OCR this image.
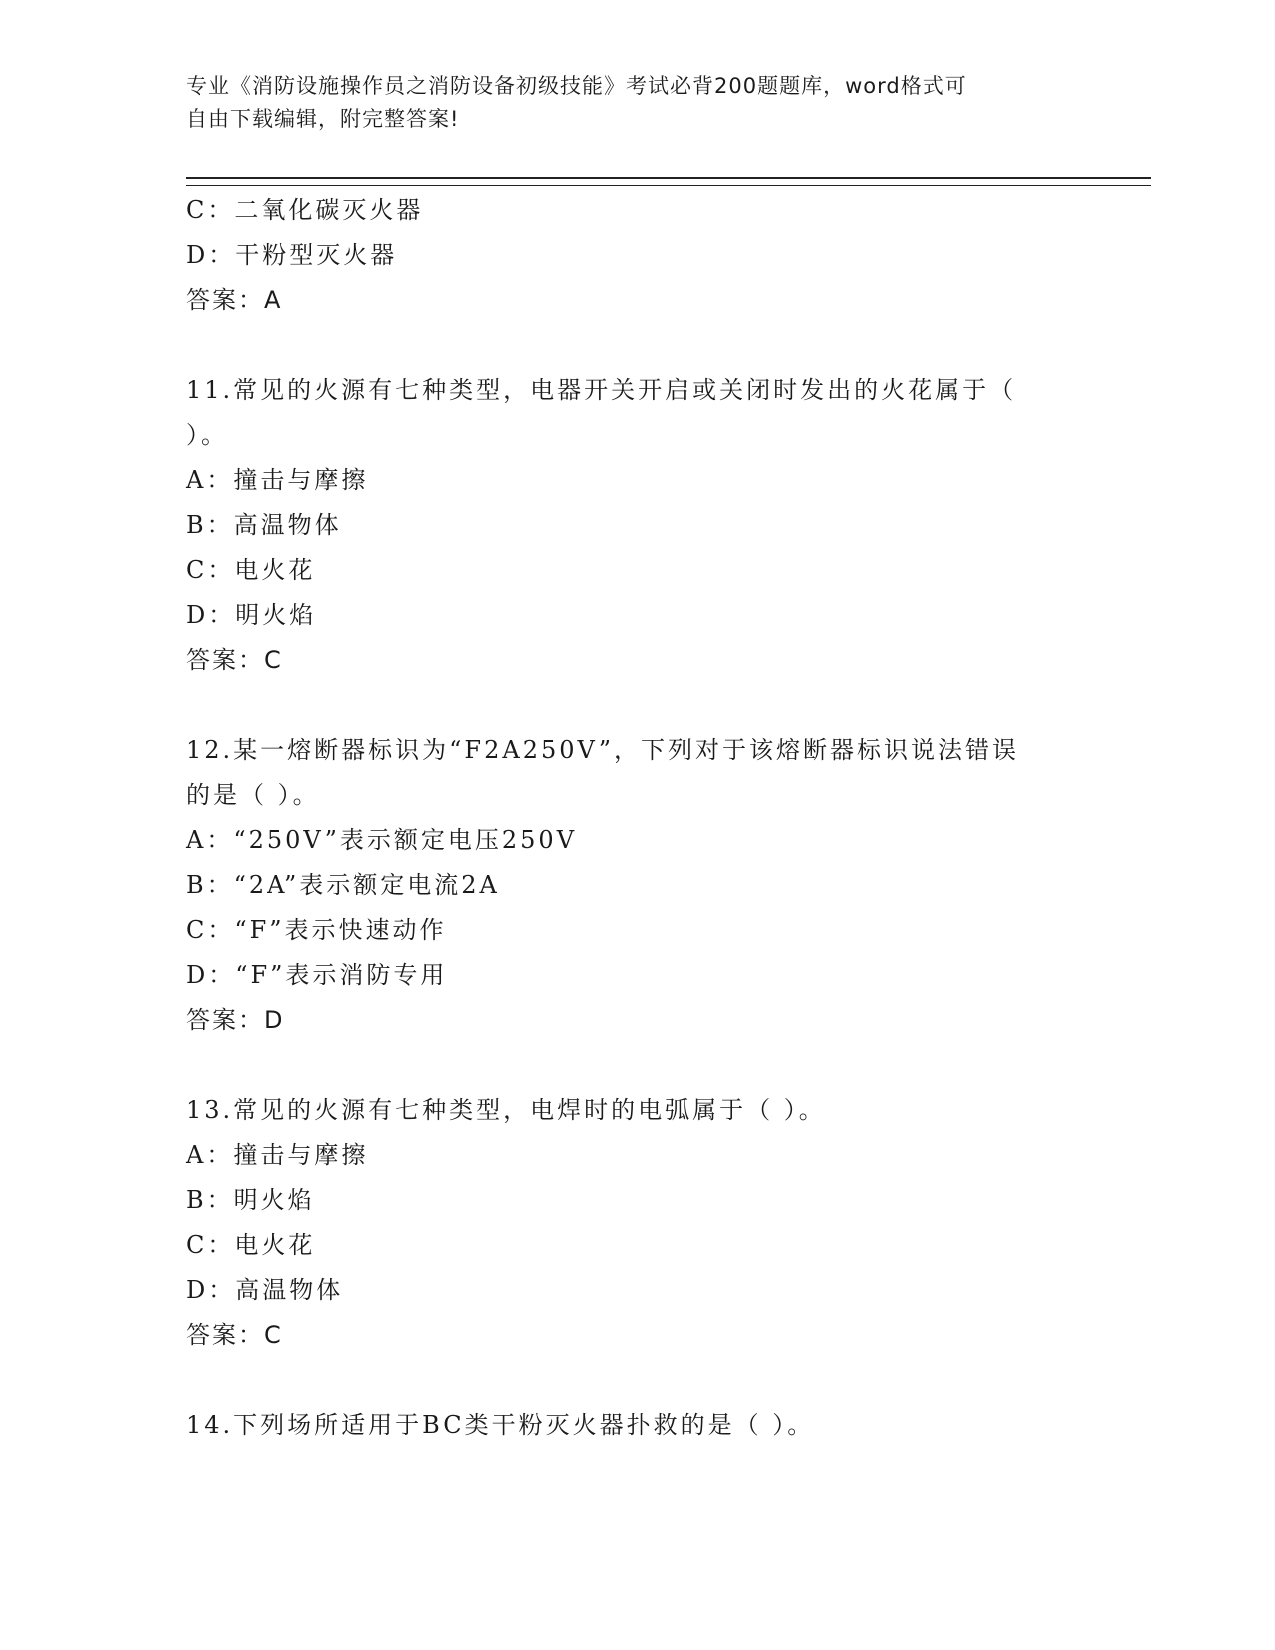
专业《消防设施操作员之消防设备初级技能》考试必背200题题库，word格式可
自由下载编辑，附完整答案!
C：二氧化碳灭火器
D：干粉型灭火器
答案：A
11.常见的火源有七种类型，电器开关开启或关闭时发出的火花属于（
）。
A：撞击与摩擦
B：高温物体
C：电火花
D：明火焰
答案：C
12.某一熔断器标识为“F2A250V”，下列对于该熔断器标识说法错误
的是（ ）。
A：“250V”表示额定电压250V
B：“2A”表示额定电流2A
C：“F”表示快速动作
D：“F”表示消防专用
答案：D
13.常见的火源有七种类型，电焊时的电弧属于（ ）。
A：撞击与摩擦
B：明火焰
C：电火花
D：高温物体
答案：C
14.下列场所适用于BC类干粉灭火器扑救的是（ ）。
